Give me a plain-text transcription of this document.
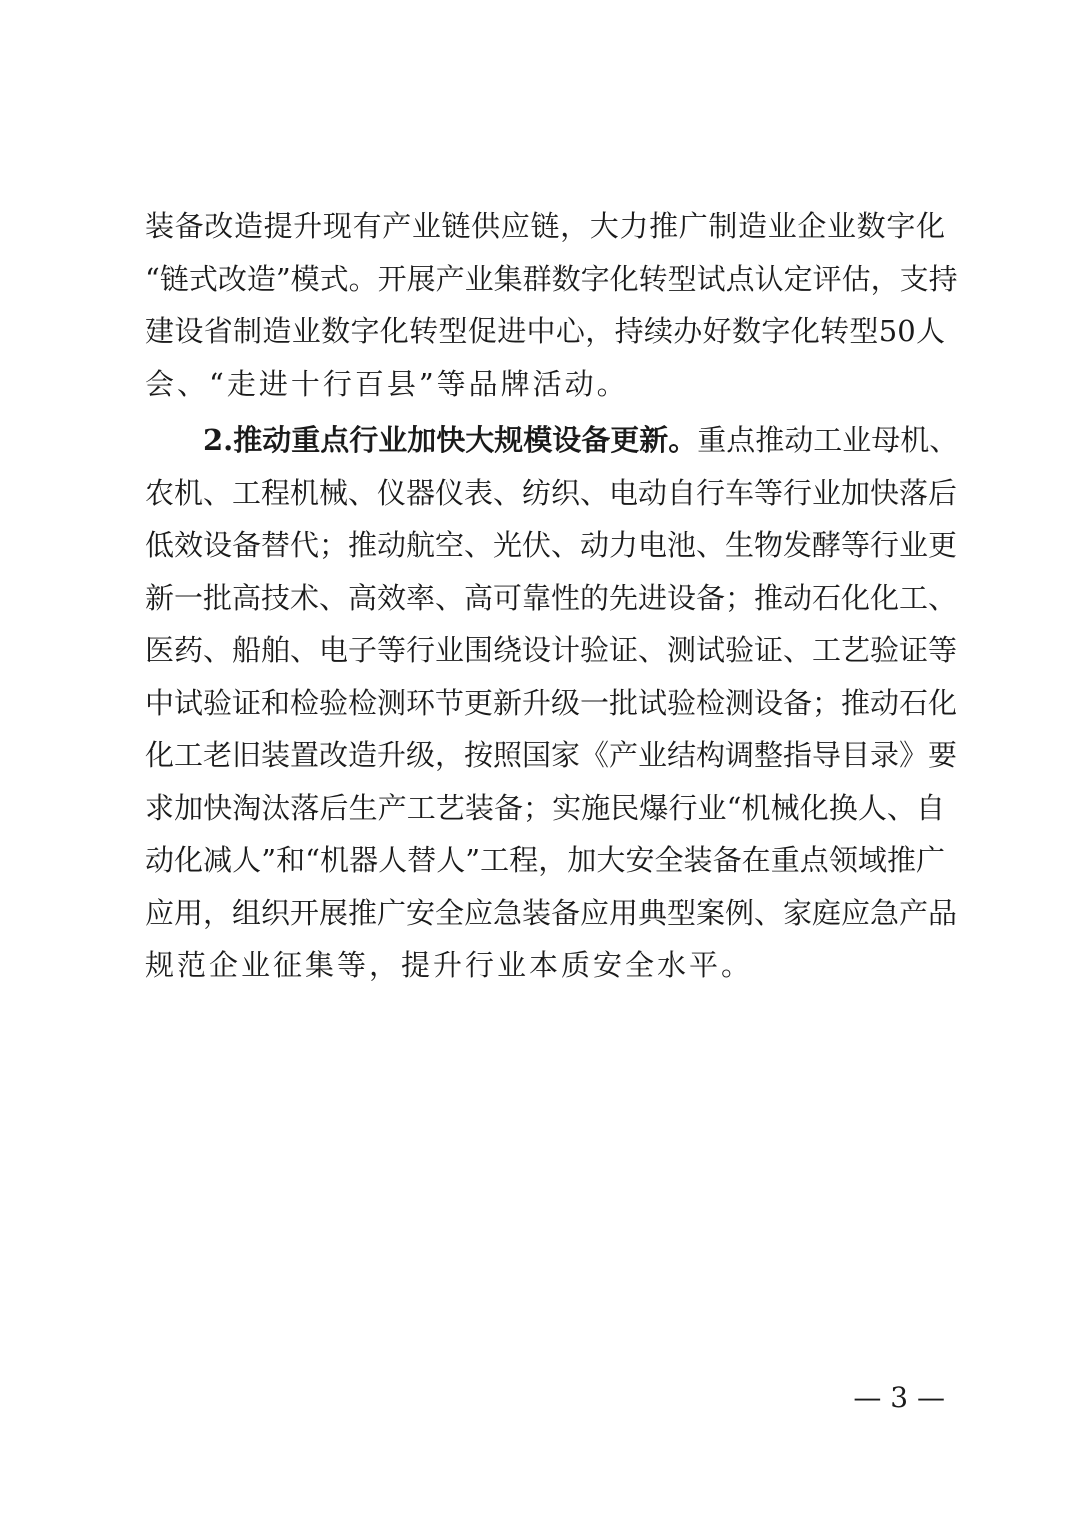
装备改造提升现有产业链供应链，大力推广制造业企业数字化
“链式改造”模式。开展产业集群数字化转型试点认定评估，支持
建设省制造业数字化转型促进中心，持续办好数字化转型50人
会、“走进十行百县”等品牌活动。
2.推动重点行业加快大规模设备更新。重点推动工业母机、
农机、工程机械、仪器仪表、纺织、电动自行车等行业加快落后
低效设备替代；推动航空、光伏、动力电池、生物发酵等行业更
新一批高技术、高效率、高可靠性的先进设备；推动石化化工、
医药、船舶、电子等行业围绕设计验证、测试验证、工艺验证等
中试验证和检验检测环节更新升级一批试验检测设备；推动石化
化工老旧装置改造升级，按照国家《产业结构调整指导目录》要
求加快淘汰落后生产工艺装备；实施民爆行业“机械化换人、自
动化减人”和“机器人替人”工程，加大安全装备在重点领域推广
应用，组织开展推广安全应急装备应用典型案例、家庭应急产品
规范企业征集等，提升行业本质安全水平。
— 3 —
